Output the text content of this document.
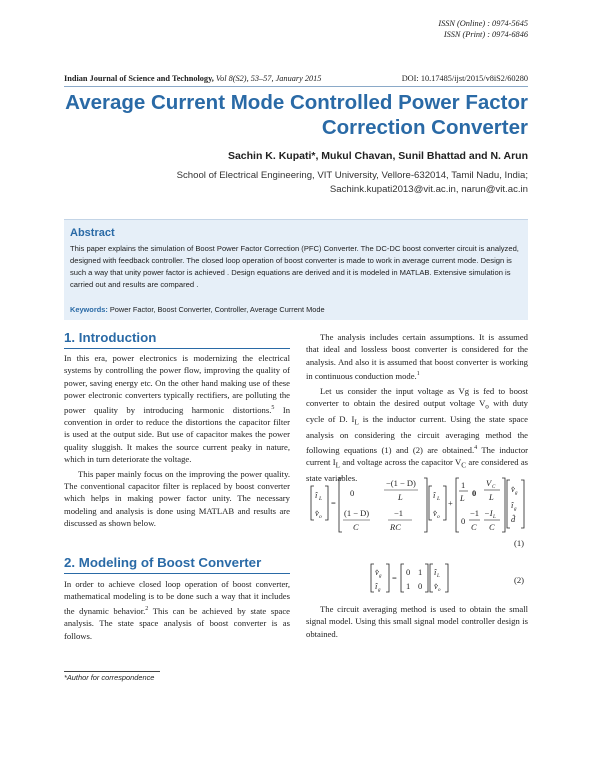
ISSN (Online) : 0974-5645
ISSN (Print) : 0974-6846
Indian Journal of Science and Technology, Vol 8(S2), 53–57, January 2015	DOI: 10.17485/ijst/2015/v8iS2/60280
Average Current Mode Controlled Power Factor
Correction Converter
Sachin K. Kupati*, Mukul Chavan, Sunil Bhattad and N. Arun
School of Electrical Engineering, VIT University, Vellore-632014, Tamil Nadu, India;
Sachink.kupati2013@vit.ac.in, narun@vit.ac.in
Abstract
This paper explains the simulation of Boost Power Factor Correction (PFC) Converter. The DC-DC boost converter circuit is analyzed, designed with feedback controller. The closed loop operation of boost converter is made to work in average current mode. Design is such a way that unity power factor is achieved . Design equations are derived and it is modeled in MATLAB. Extensive simulation is carried out and results are compared .
Keywords: Power Factor, Boost Converter, Controller, Average Current Mode
1. Introduction

In this era, power electronics is modernizing the electrical systems by controlling the power flow, improving the quality of power, saving energy etc. On the other hand making use of these power electronic converters typically rectifiers, are polluting the power quality by introducing harmonic distortions.$^5$ In convention in order to reduce the distortions the capacitor filter is used at the output side. But use of capacitor makes the power quality sluggish. It makes the source current peaky in nature, which in turn deteriorate the voltage.

This paper mainly focus on the improving the power quality. The conventional capacitor filter is replaced by boost converter which helps in making power factor unity. The necessary modeling and analysis is done using MATLAB and results are discussed as shown below.

2. Modeling of Boost Converter

In order to achieve closed loop operation of boost converter, mathematical modeling is to be done such a way that it includes the dynamic behavior.$^2$ This can be achieved by state space analysis. The state space analysis of boost converter is as follows.

The analysis includes certain assumptions. It is assumed that ideal and lossless boost converter is considered for the analysis. And also it is assumed that boost converter is working in continuous conduction mode.$^1$

Let us consider the input voltage as Vg is fed to boost converter to obtain the desired output voltage $V_o$ with duty cycle of D. $I_L$ is the inductor current. Using the state space analysis on considering the circuit averaging method the following equations (1) and (2) are obtained.$^4$ The inductor current $I_L$ and voltage across the capacitor $V_C$ are considered as state variables.

î L
v̂ o
=
0
−(1 − D)
L
(1 − D)
C
−1
RC
î L
v̂ o
+
1
L 0
V C
L
0
−1
C
−I L
C
v̂ g
î g
d̂
(1)
v̂ g
î g
=
0 1
1 0
î L
v̂ o
(2)

The circuit averaging method is used to obtain the small signal model. Using this small signal model controller design is obtained.

*Author for correspondence
